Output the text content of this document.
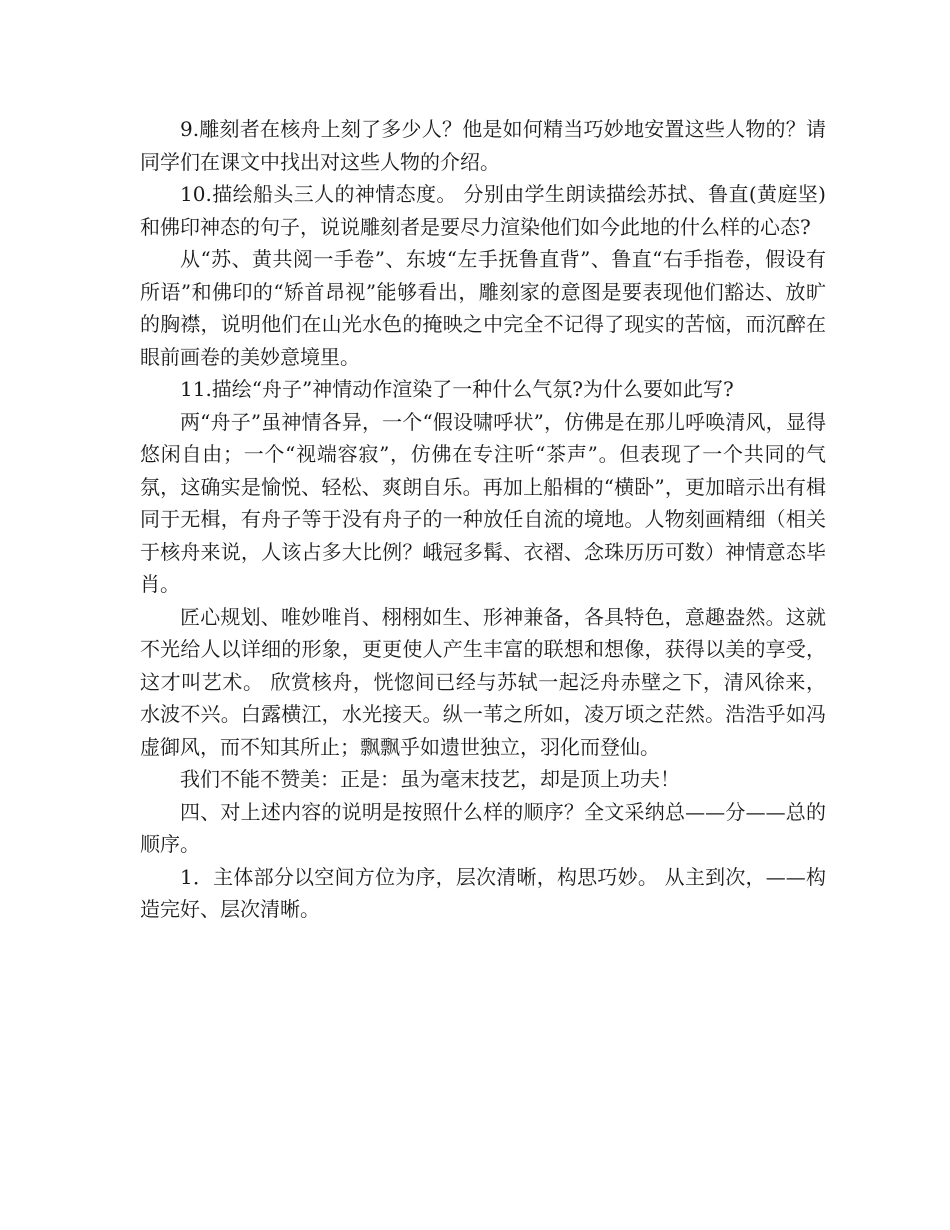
9.雕刻者在核舟上刻了多少人？他是如何精当巧妙地安置这些人物的？请同学们在课文中找出对这些人物的介绍。

10.描绘船头三人的神情态度。 分别由学生朗读描绘苏拭、鲁直(黄庭坚)和佛印神态的句子，说说雕刻者是要尽力渲染他们如今此地的什么样的心态?

从“苏、黄共阅一手卷”、东坡“左手抚鲁直背”、鲁直“右手指卷，假设有所语”和佛印的“矫首昂视”能够看出，雕刻家的意图是要表现他们豁达、放旷的胸襟，说明他们在山光水色的掩映之中完全不记得了现实的苦恼，而沉醉在眼前画卷的美妙意境里。

11.描绘“舟子”神情动作渲染了一种什么气氛?为什么要如此写?

两“舟子”虽神情各异，一个“假设啸呼状”，仿佛是在那儿呼唤清风，显得悠闲自由；一个“视端容寂”，仿佛在专注听“茶声”。但表现了一个共同的气氛，这确实是愉悦、轻松、爽朗自乐。再加上船楫的“横卧”，更加暗示出有楫同于无楫，有舟子等于没有舟子的一种放任自流的境地。人物刻画精细（相关于核舟来说，人该占多大比例？峨冠多髯、衣褶、念珠历历可数）神情意态毕肖。

匠心规划、唯妙唯肖、栩栩如生、形神兼备，各具特色，意趣盎然。这就不光给人以详细的形象，更更使人产生丰富的联想和想像，获得以美的享受，这才叫艺术。 欣赏核舟，恍惚间已经与苏轼一起泛舟赤壁之下，清风徐来，水波不兴。白露横江，水光接天。纵一苇之所如，凌万顷之茫然。浩浩乎如冯虚御风，而不知其所止；飘飘乎如遗世独立，羽化而登仙。

我们不能不赞美：正是：虽为毫末技艺，却是顶上功夫！

四、对上述内容的说明是按照什么样的顺序？全文采纳总——分——总的顺序。

1．主体部分以空间方位为序，层次清晰，构思巧妙。 从主到次，——构造完好、层次清晰。
